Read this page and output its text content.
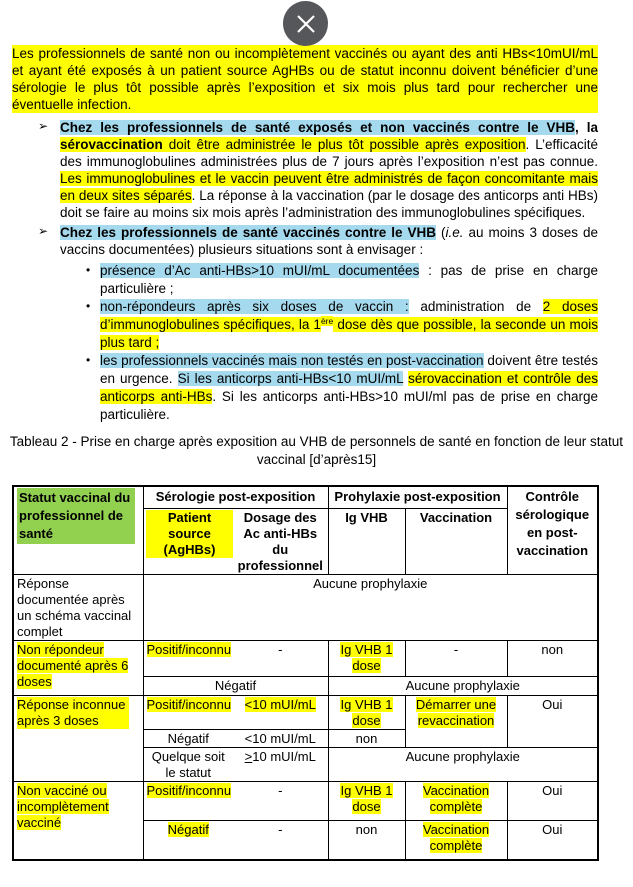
Les professionnels de santé non ou incomplètement vaccinés ou ayant des anti HBs<10mUI/mL et ayant été exposés à un patient source AgHBs ou de statut inconnu doivent bénéficier d’une sérologie le plus tôt possible après l’exposition et six mois plus tard pour rechercher une éventuelle infection.
➢ Chez les professionnels de santé exposés et non vaccinés contre le VHB, la sérovaccination doit être administrée le plus tôt possible après exposition. L’efficacité des immunoglobulines administrées plus de 7 jours après l’exposition n’est pas connue. Les immunoglobulines et le vaccin peuvent être administrés de façon concomitante mais en deux sites séparés. La réponse à la vaccination (par le dosage des anticorps anti HBs) doit se faire au moins six mois après l’administration des immunoglobulines spécifiques.

➢ Chez les professionnels de santé vaccinés contre le VHB (i.e. au moins 3 doses de vaccins documentées) plusieurs situations sont à envisager :

• présence d’Ac anti-HBs>10 mUI/mL documentées : pas de prise en charge particulière ;

• non-répondeurs après six doses de vaccin : administration de 2 doses d’immunoglobulines spécifiques, la 1ère dose dès que possible, la seconde un mois plus tard ;

• les professionnels vaccinés mais non testés en post-vaccination doivent être testés en urgence. Si les anticorps anti-HBs<10 mUI/mL sérovaccination et contrôle des anticorps anti-HBs. Si les anticorps anti-HBs>10 mUI/ml pas de prise en charge particulière.

Tableau 2 - Prise en charge après exposition au VHB de personnels de santé en fonction de leur statut vaccinal [d’après15]
Statut vaccinal du professionnel de santé	Sérologie post-exposition		Prohylaxie post-exposition		Contrôle sérologique en post-vaccination
	Patient source (AgHBs)	Dosage des Ac anti-HBs du professionnel	Ig VHB	Vaccination	
Réponse documentée après un schéma vaccinal complet	Aucune prophylaxie				
Non répondeur documenté après 6 doses	Positif/inconnu	-	Ig VHB 1 dose	-	non
	Négatif		Aucune prophylaxie		
Réponse inconnue après 3 doses	Positif/inconnu	<10 mUI/mL	Ig VHB 1 dose	Démarrer une revaccination	Oui
	Négatif	<10 mUI/mL	non		
	Quelque soit le statut	≥10 mUI/mL	Aucune prophylaxie		
Non vacciné ou incomplètement vacciné	Positif/inconnu	-	Ig VHB 1 dose	Vaccination complète	Oui
	Négatif	-	non	Vaccination complète	Oui
